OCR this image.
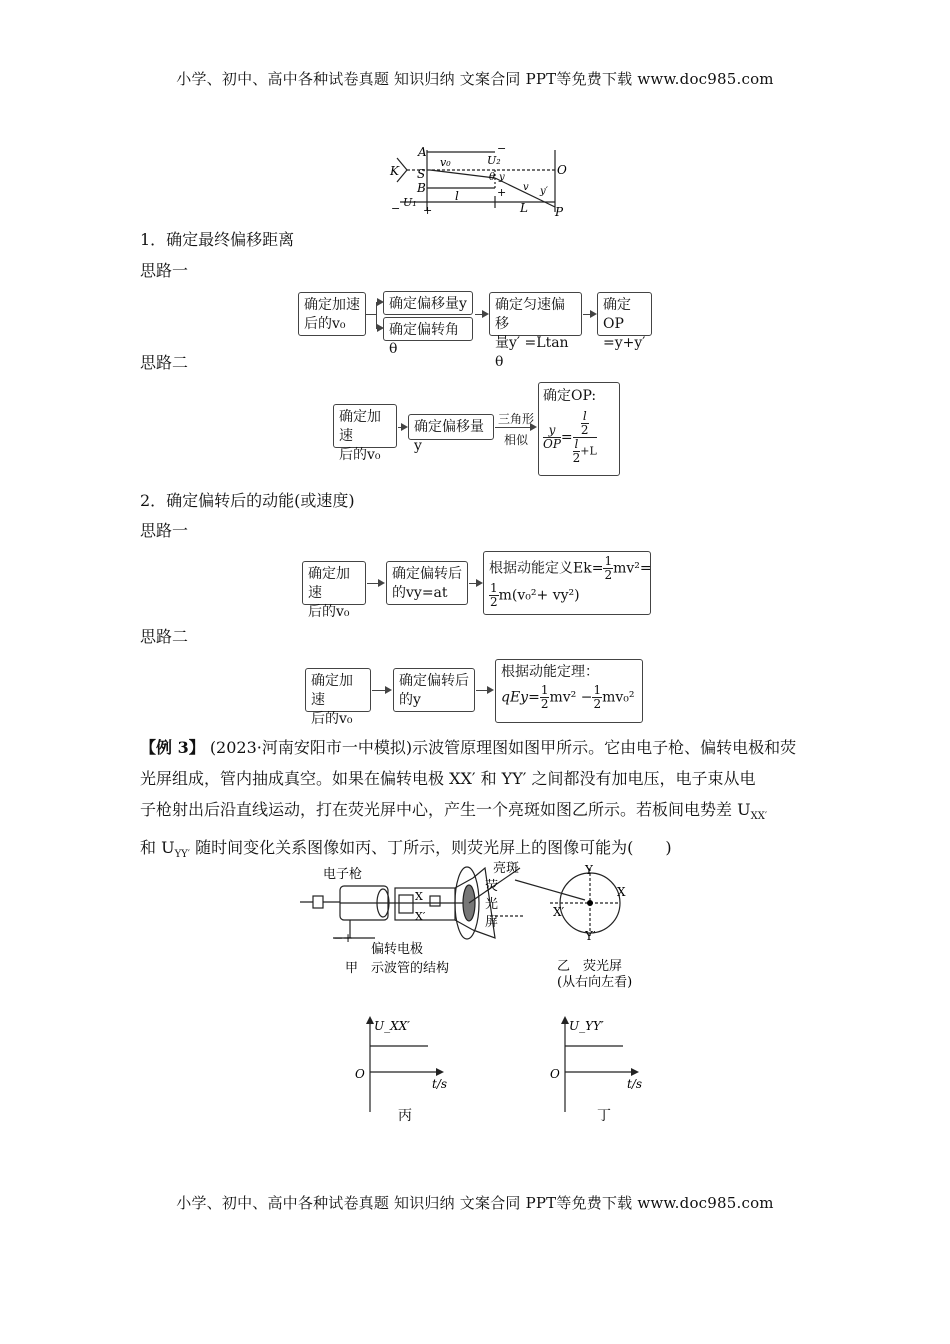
小学、初中、高中各种试卷真题 知识归纳 文案合同 PPT等免费下载 www.doc985.com
K
A
S
B
O
P
v₀	U₂
θ y
v y′
l
L
U₁
− +
−
+
1．确定最终偏移距离
思路一
确定加速
后的v₀
确定偏移量y
确定偏转角 θ
确定匀速偏移
量y′ =Ltan θ
确定OP
=y+y′
思路二
确定加速
后的v₀
确定偏移量y
三角形
相似
确定OP:
$\frac{y}{OP} = \frac{\frac{l}{2}}{\frac{l}{2} +L}$
2．确定偏转后的动能(或速度)
思路一
确定加速
后的v₀
确定偏转后
的vy=at
根据动能定义$Ek= \frac{1}{2} mv^2=$
$\frac{1}{2} m(v_0^2+ vy^2)$
思路二
确定加速
后的v₀
确定偏转后
的y
根据动能定理：
$qEy= \frac{1}{2} mv^2 - \frac{1}{2} mv_0^2$
【例 3】 (2023·河南安阳市一中模拟)示波管原理图如图甲所示。它由电子枪、偏转电极和荧
光屏组成，管内抽成真空。如果在偏转电极 XX′ 和 YY′ 之间都没有加电压，电子束从电
子枪射出后沿直线运动，打在荧光屏中心，产生一个亮斑如图乙所示。若板间电势差 $U_{XX'}$
和 $U_{YY'}$ 随时间变化关系图像如丙、丁所示，则荧光屏上的图像可能为(　　)
电子枪	亮斑
荧
光
屏
偏转电极
X
X′
Y
Y′
X
X′
− +
甲　示波管的结构	乙　荧光屏
(从右向左看)
U_XX′
O
t/s
丙
U_YY′
O
t/s
丁
小学、初中、高中各种试卷真题 知识归纳 文案合同 PPT等免费下载 www.doc985.com
